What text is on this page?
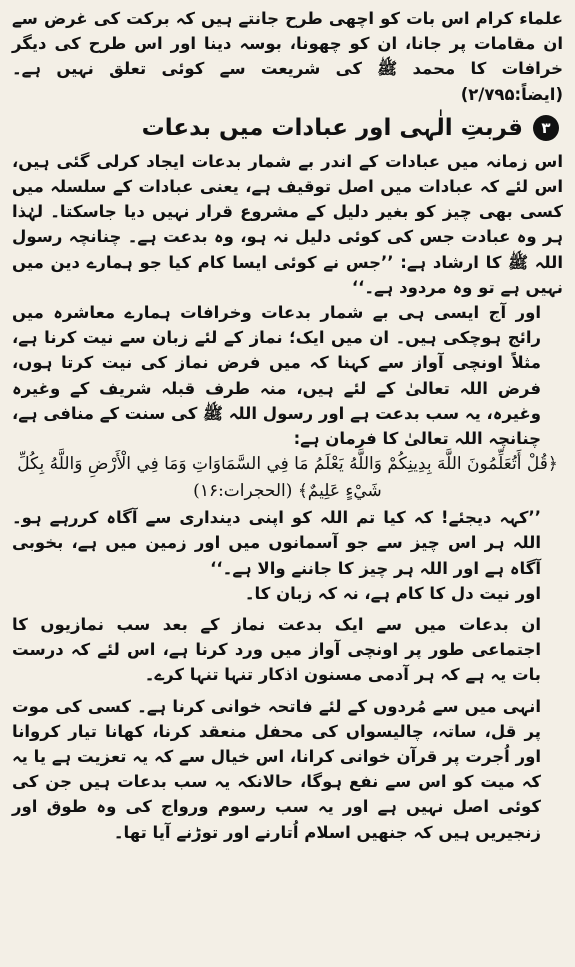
علماء کرام اس بات کو اچھی طرح جانتے ہیں کہ برکت کی غرض سے ان مقامات پر جانا، ان کو چھونا، بوسہ دینا اور اس طرح کی دیگر خرافات کا محمد ﷺ کی شریعت سے کوئی تعلق نہیں ہے۔ (ایضاً:۲/۷۹۵)

۳
قربتِ الٰہی اور عبادات میں بدعات

اس زمانہ میں عبادات کے اندر بے شمار بدعات ایجاد کرلی گئی ہیں، اس لئے کہ عبادات میں اصل توقیف ہے، یعنی عبادات کے سلسلہ میں کسی بھی چیز کو بغیر دلیل کے مشروع قرار نہیں دیا جاسکتا۔ لہٰذا ہر وہ عبادت جس کی کوئی دلیل نہ ہو، وہ بدعت ہے۔ چنانچہ رسول اللہ ﷺ کا ارشاد ہے: ’’جس نے کوئی ایسا کام کیا جو ہمارے دین میں نہیں ہے تو وہ مردود ہے۔‘‘

اور آج ایسی ہی بے شمار بدعات وخرافات ہمارے معاشرہ میں رائج ہوچکی ہیں۔ ان میں ایک؛ نماز کے لئے زبان سے نیت کرنا ہے، مثلاً اونچی آواز سے کہنا کہ میں فرض نماز کی نیت کرتا ہوں، فرض اللہ تعالیٰ کے لئے ہیں، منہ طرف قبلہ شریف کے وغیرہ وغیرہ، یہ سب بدعت ہے اور رسول اللہ ﷺ کی سنت کے منافی ہے، چنانچہ اللہ تعالیٰ کا فرمان ہے:

﴿قُلْ أَتُعَلِّمُونَ اللَّهَ بِدِينِكُمْ وَاللَّهُ يَعْلَمُ مَا فِي السَّمَاوَاتِ وَمَا فِي الْأَرْضِ وَاللَّهُ بِكُلِّ شَيْءٍ عَلِيمٌ﴾ (الحجرات:۱۶)

’’کہہ دیجئے! کہ کیا تم اللہ کو اپنی دینداری سے آگاہ کررہے ہو۔ اللہ ہر اس چیز سے جو آسمانوں میں اور زمین میں ہے، بخوبی آگاہ ہے اور اللہ ہر چیز کا جاننے والا ہے۔‘‘

اور نیت دل کا کام ہے، نہ کہ زبان کا۔

ان بدعات میں سے ایک بدعت نماز کے بعد سب نمازیوں کا اجتماعی طور پر اونچی آواز میں ورد کرنا ہے، اس لئے کہ درست بات یہ ہے کہ ہر آدمی مسنون اذکار تنہا تنہا کرے۔

انہی میں سے مُردوں کے لئے فاتحہ خوانی کرنا ہے۔ کسی کی موت پر قل، ساتہ، چالیسواں کی محفل منعقد کرنا، کھانا تیار کروانا اور اُجرت پر قرآن خوانی کرانا، اس خیال سے کہ یہ تعزیت ہے یا یہ کہ میت کو اس سے نفع ہوگا، حالانکہ یہ سب بدعات ہیں جن کی کوئی اصل نہیں ہے اور یہ سب رسوم ورواج کی وہ طوق اور زنجیریں ہیں کہ جنھیں اسلام اُتارنے اور توڑنے آیا تھا۔
